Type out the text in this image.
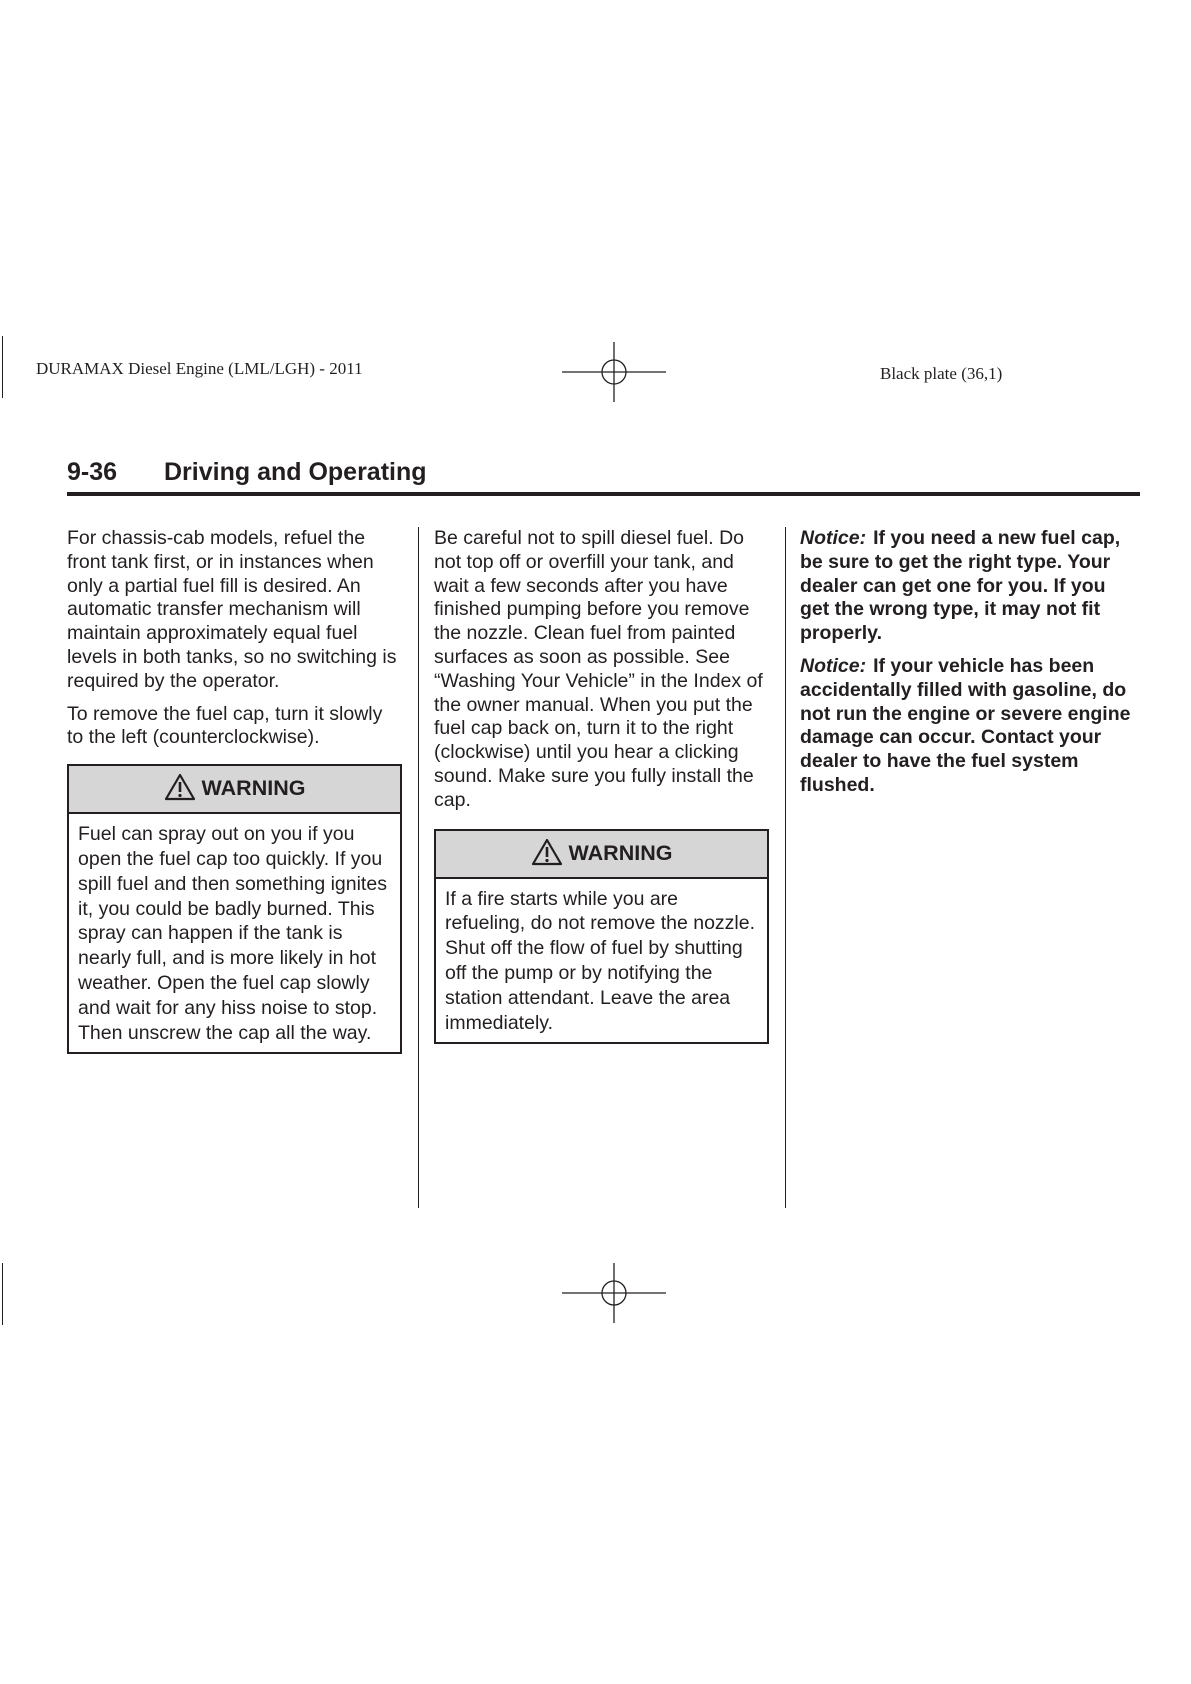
DURAMAX Diesel Engine (LML/LGH) - 2011	Black plate (36,1)
9-36 Driving and Operating

For chassis-cab models, refuel the front tank first, or in instances when only a partial fuel fill is desired. An automatic transfer mechanism will maintain approximately equal fuel levels in both tanks, so no switching is required by the operator.

To remove the fuel cap, turn it slowly to the left (counterclockwise).

WARNING
Fuel can spray out on you if you open the fuel cap too quickly. If you spill fuel and then something ignites it, you could be badly burned. This spray can happen if the tank is nearly full, and is more likely in hot weather. Open the fuel cap slowly and wait for any hiss noise to stop. Then unscrew the cap all the way.

Be careful not to spill diesel fuel. Do not top off or overfill your tank, and wait a few seconds after you have finished pumping before you remove the nozzle. Clean fuel from painted surfaces as soon as possible. See “Washing Your Vehicle” in the Index of the owner manual. When you put the fuel cap back on, turn it to the right (clockwise) until you hear a clicking sound. Make sure you fully install the cap.

WARNING
If a fire starts while you are refueling, do not remove the nozzle. Shut off the flow of fuel by shutting off the pump or by notifying the station attendant. Leave the area immediately.

Notice: If you need a new fuel cap, be sure to get the right type. Your dealer can get one for you. If you get the wrong type, it may not fit properly.

Notice: If your vehicle has been accidentally filled with gasoline, do not run the engine or severe engine damage can occur. Contact your dealer to have the fuel system flushed.
